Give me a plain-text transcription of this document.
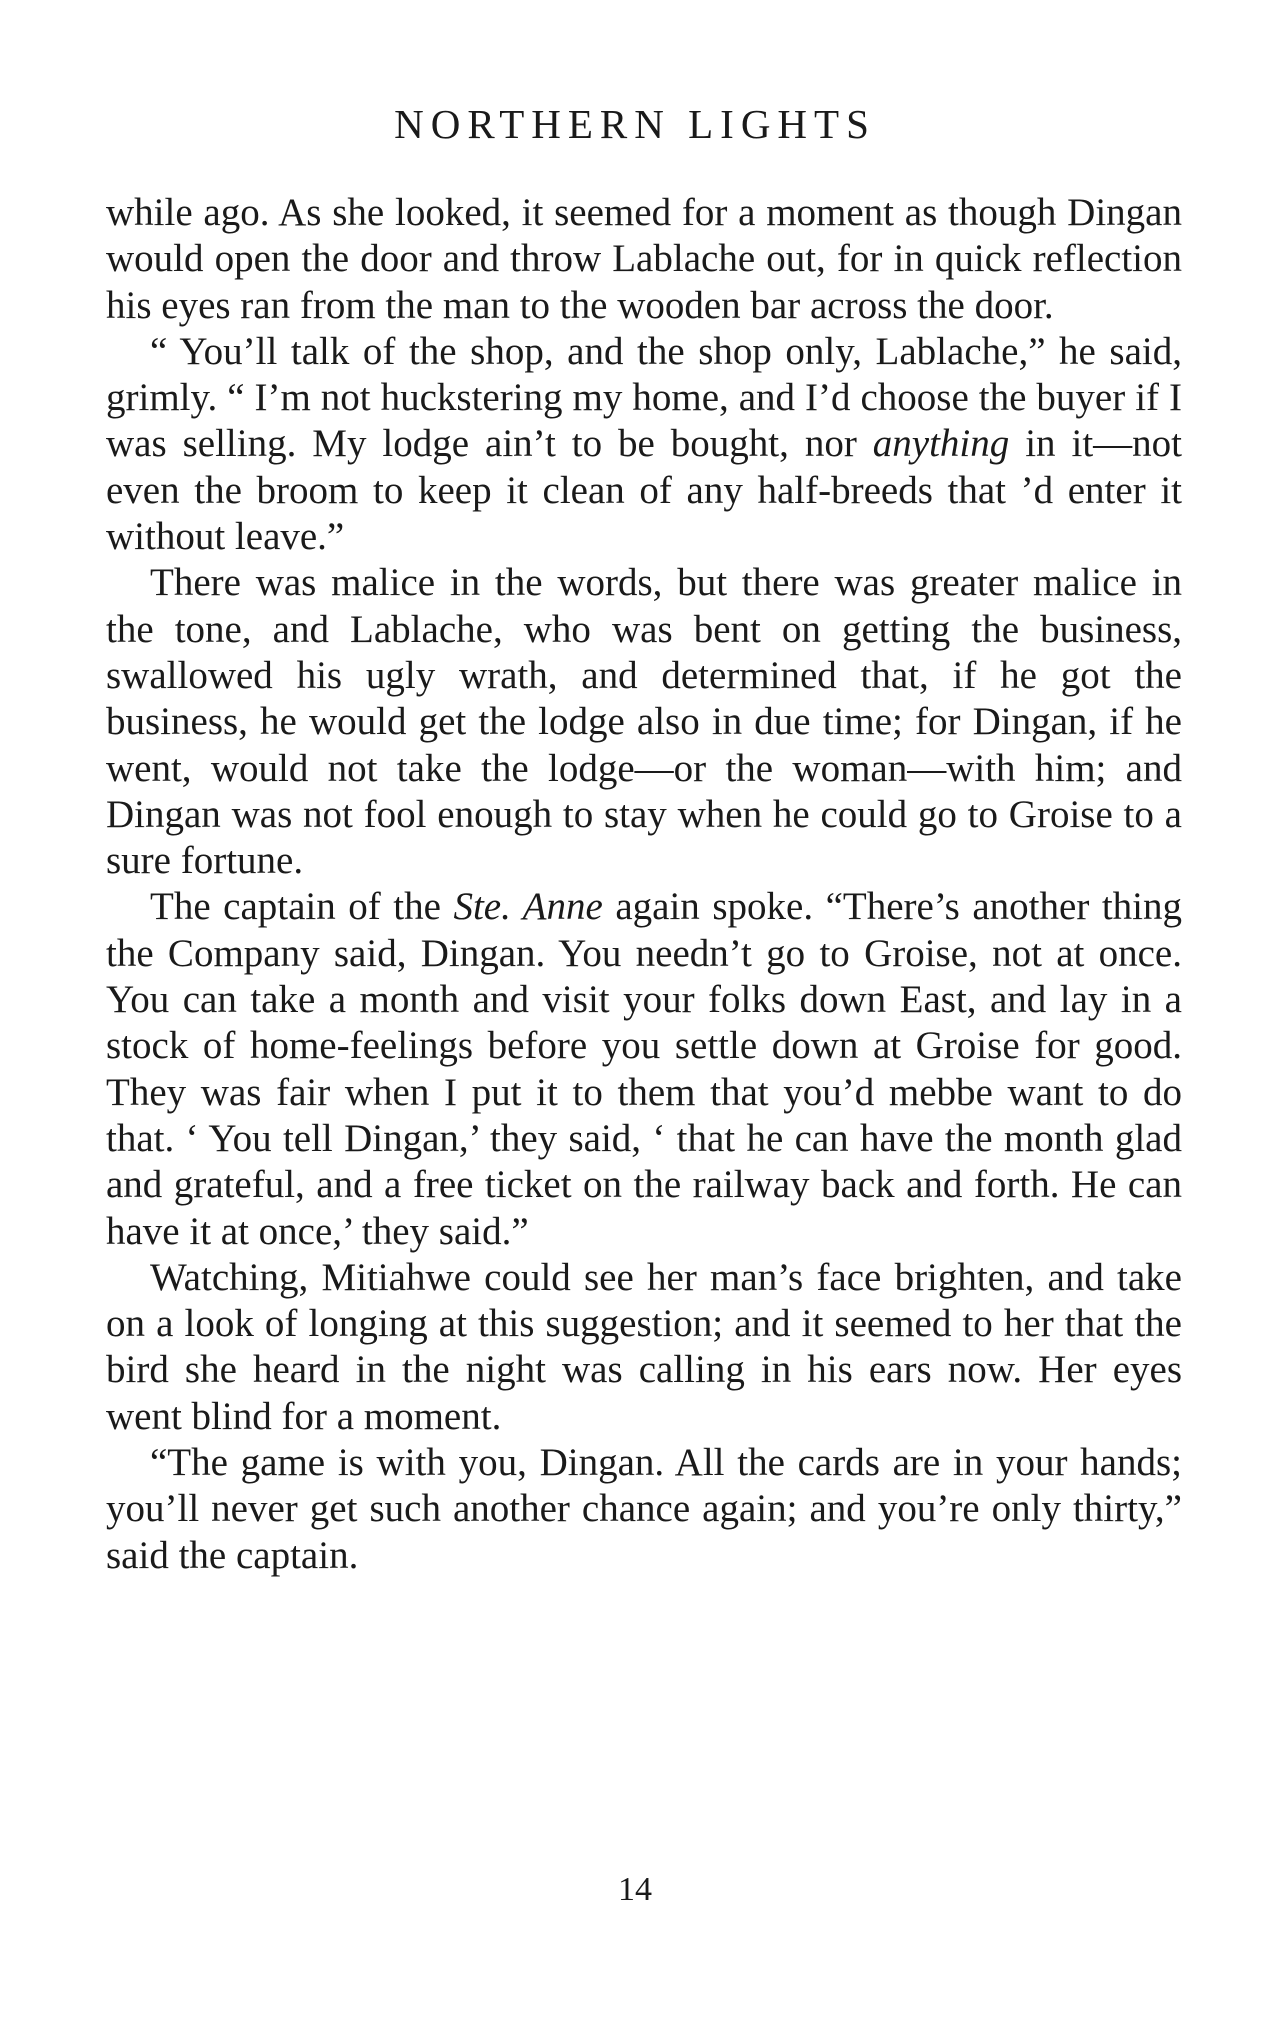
NORTHERN LIGHTS

while ago. As she looked, it seemed for a moment as though Dingan would open the door and throw Lablache out, for in quick reflection his eyes ran from the man to the wooden bar across the door.

“ You’ll talk of the shop, and the shop only, Lablache,” he said, grimly. “ I’m not huckstering my home, and I’d choose the buyer if I was selling. My lodge ain’t to be bought, nor anything in it—not even the broom to keep it clean of any half-breeds that ’d enter it without leave.”

There was malice in the words, but there was greater malice in the tone, and Lablache, who was bent on getting the business, swallowed his ugly wrath, and determined that, if he got the business, he would get the lodge also in due time; for Dingan, if he went, would not take the lodge—or the woman—with him; and Dingan was not fool enough to stay when he could go to Groise to a sure fortune.

The captain of the Ste. Anne again spoke. “There’s another thing the Company said, Dingan. You needn’t go to Groise, not at once. You can take a month and visit your folks down East, and lay in a stock of home-feelings before you settle down at Groise for good. They was fair when I put it to them that you’d mebbe want to do that. ‘ You tell Dingan,’ they said, ‘ that he can have the month glad and grateful, and a free ticket on the railway back and forth. He can have it at once,’ they said.”

Watching, Mitiahwe could see her man’s face brighten, and take on a look of longing at this suggestion; and it seemed to her that the bird she heard in the night was calling in his ears now. Her eyes went blind for a moment.

“The game is with you, Dingan. All the cards are in your hands; you’ll never get such another chance again; and you’re only thirty,” said the captain.

14
